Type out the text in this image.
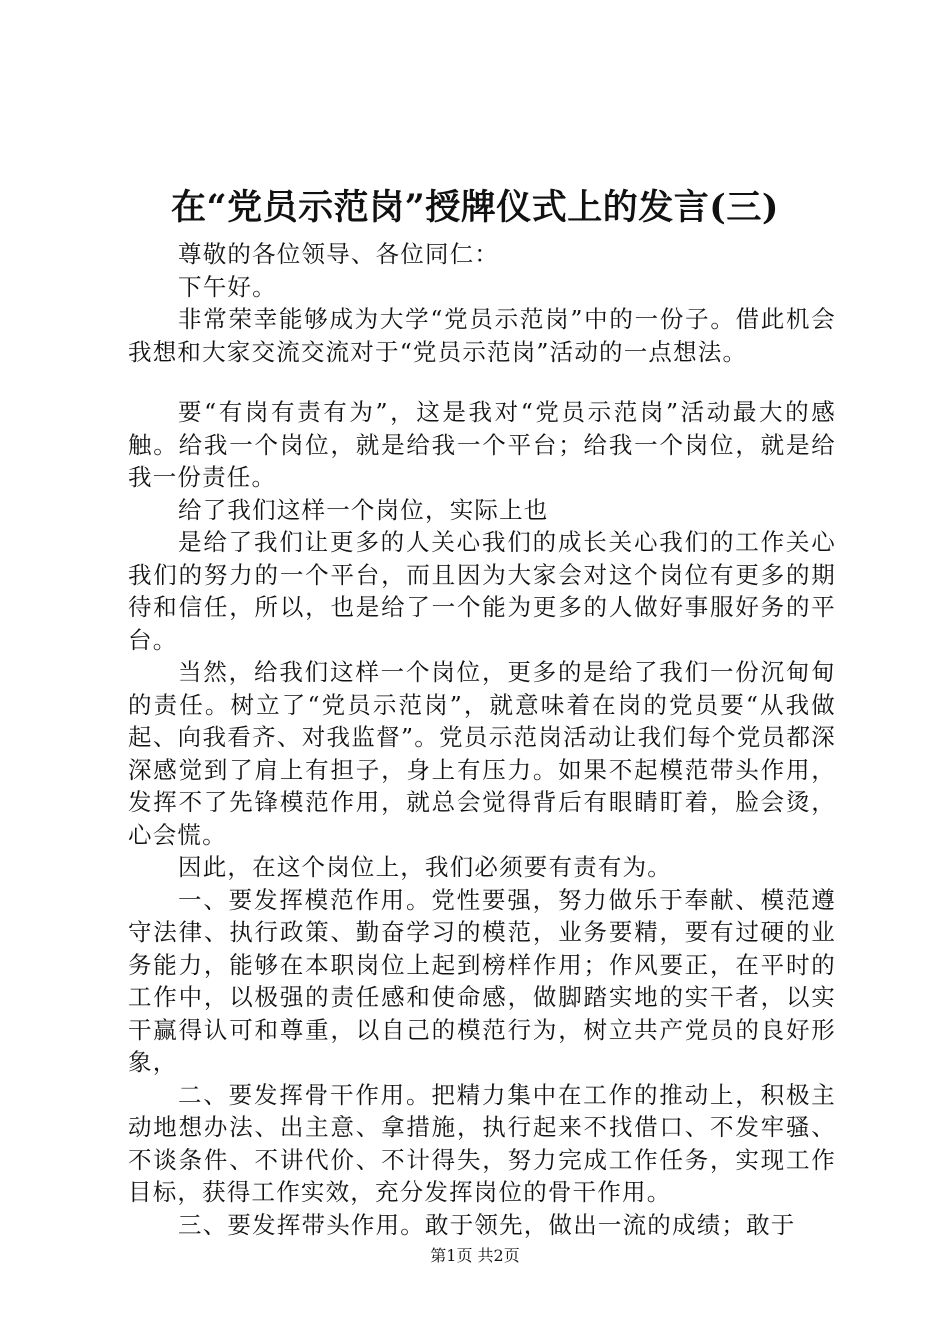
在“党员示范岗”授牌仪式上的发言(三)

尊敬的各位领导、各位同仁：

下午好。

非常荣幸能够成为大学“党员示范岗”中的一份子。借此机会我想和大家交流交流对于“党员示范岗”活动的一点想法。

要“有岗有责有为”，这是我对“党员示范岗”活动最大的感触。给我一个岗位，就是给我一个平台；给我一个岗位，就是给我一份责任。

给了我们这样一个岗位，实际上也

是给了我们让更多的人关心我们的成长关心我们的工作关心我们的努力的一个平台，而且因为大家会对这个岗位有更多的期待和信任，所以，也是给了一个能为更多的人做好事服好务的平台。

当然，给我们这样一个岗位，更多的是给了我们一份沉甸甸的责任。树立了“党员示范岗”，就意味着在岗的党员要“从我做起、向我看齐、对我监督”。党员示范岗活动让我们每个党员都深深感觉到了肩上有担子，身上有压力。如果不起模范带头作用，发挥不了先锋模范作用，就总会觉得背后有眼睛盯着，脸会烫，心会慌。

因此，在这个岗位上，我们必须要有责有为。

一、要发挥模范作用。党性要强，努力做乐于奉献、模范遵守法律、执行政策、勤奋学习的模范，业务要精，要有过硬的业务能力，能够在本职岗位上起到榜样作用；作风要正，在平时的工作中，以极强的责任感和使命感，做脚踏实地的实干者，以实干赢得认可和尊重，以自己的模范行为，树立共产党员的良好形象，

二、要发挥骨干作用。把精力集中在工作的推动上，积极主动地想办法、出主意、拿措施，执行起来不找借口、不发牢骚、不谈条件、不讲代价、不计得失，努力完成工作任务，实现工作目标，获得工作实效，充分发挥岗位的骨干作用。

三、要发挥带头作用。敢于领先，做出一流的成绩；敢于

第1页 共2页
